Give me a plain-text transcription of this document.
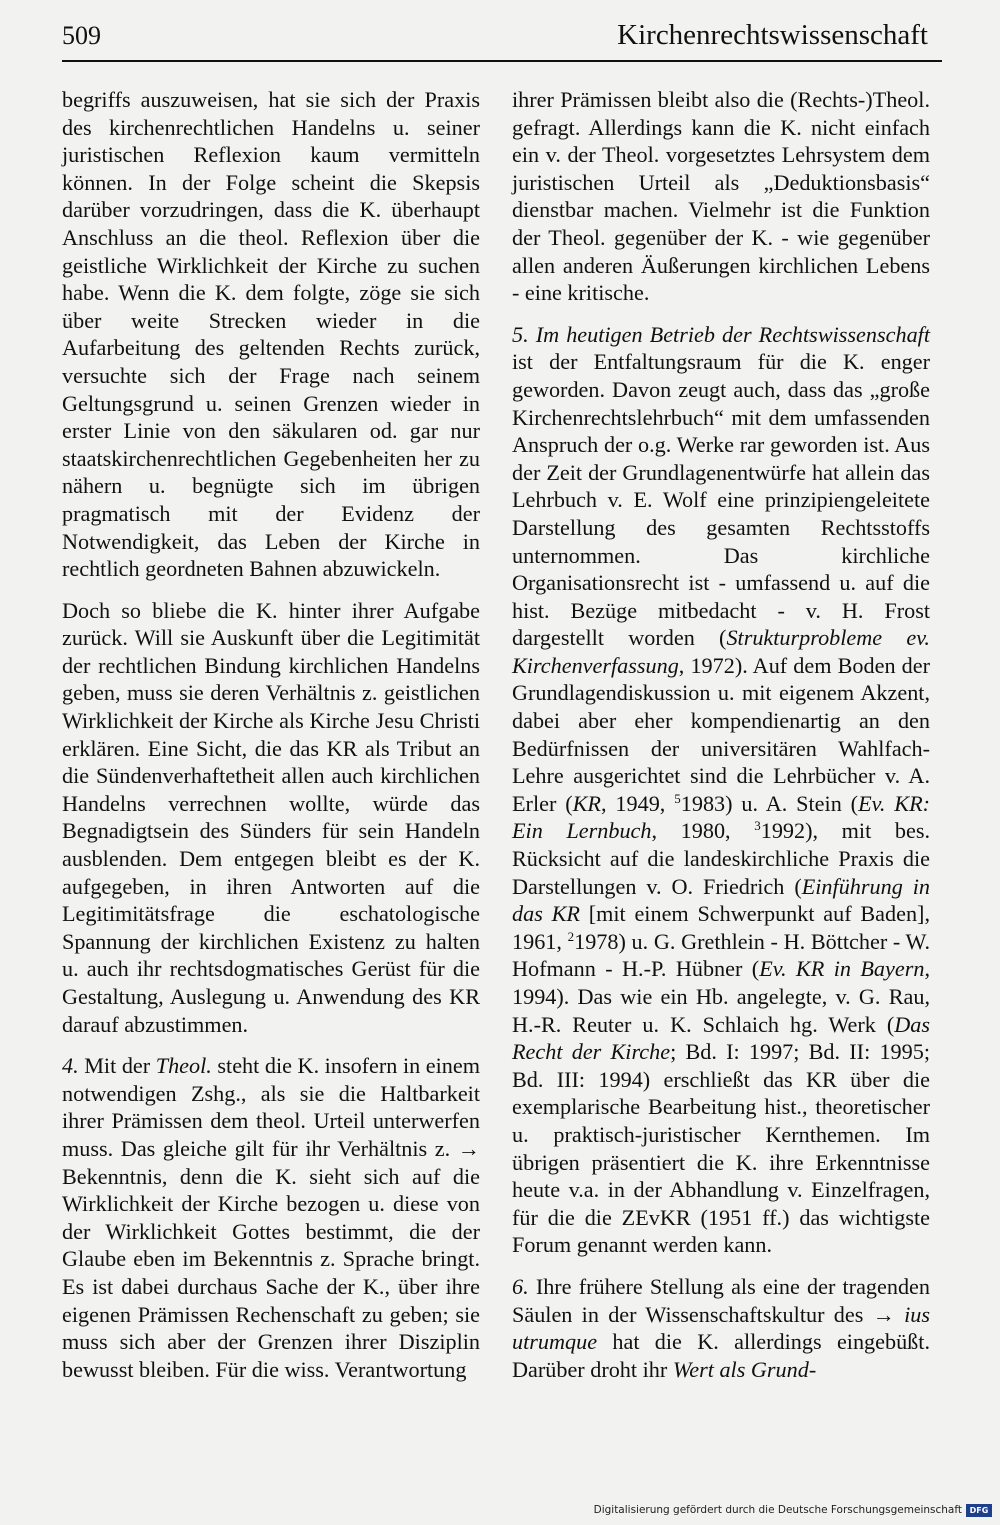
509	Kirchenrechtswissenschaft

begriffs auszuweisen, hat sie sich der Praxis des kirchenrechtlichen Handelns u. seiner juristischen Reflexion kaum vermitteln können. In der Folge scheint die Skepsis darüber vorzudringen, dass die K. überhaupt Anschluss an die theol. Reflexion über die geistliche Wirklichkeit der Kirche zu suchen habe. Wenn die K. dem folgte, zöge sie sich über weite Strecken wieder in die Aufarbeitung des geltenden Rechts zurück, versuchte sich der Frage nach seinem Geltungsgrund u. seinen Grenzen wieder in erster Linie von den säkularen od. gar nur staatskirchenrechtlichen Gegebenheiten her zu nähern u. begnügte sich im übrigen pragmatisch mit der Evidenz der Notwendigkeit, das Leben der Kirche in rechtlich geordneten Bahnen abzuwickeln.

Doch so bliebe die K. hinter ihrer Aufgabe zurück. Will sie Auskunft über die Legitimität der rechtlichen Bindung kirchlichen Handelns geben, muss sie deren Verhältnis z. geistlichen Wirklichkeit der Kirche als Kirche Jesu Christi erklären. Eine Sicht, die das KR als Tribut an die Sündenverhaftetheit allen auch kirchlichen Handelns verrechnen wollte, würde das Begnadigtsein des Sünders für sein Handeln ausblenden. Dem entgegen bleibt es der K. aufgegeben, in ihren Antworten auf die Legitimitätsfrage die eschatologische Spannung der kirchlichen Existenz zu halten u. auch ihr rechtsdogmatisches Gerüst für die Gestaltung, Auslegung u. Anwendung des KR darauf abzustimmen.

4. Mit der Theol. steht die K. insofern in einem notwendigen Zshg., als sie die Haltbarkeit ihrer Prämissen dem theol. Urteil unterwerfen muss. Das gleiche gilt für ihr Verhältnis z. → Bekenntnis, denn die K. sieht sich auf die Wirklichkeit der Kirche bezogen u. diese von der Wirklichkeit Gottes bestimmt, die der Glaube eben im Bekenntnis z. Sprache bringt. Es ist dabei durchaus Sache der K., über ihre eigenen Prämissen Rechenschaft zu geben; sie muss sich aber der Grenzen ihrer Disziplin bewusst bleiben. Für die wiss. Verantwortung

ihrer Prämissen bleibt also die (Rechts-)Theol. gefragt. Allerdings kann die K. nicht einfach ein v. der Theol. vorgesetztes Lehrsystem dem juristischen Urteil als „Deduktionsbasis“ dienstbar machen. Vielmehr ist die Funktion der Theol. gegenüber der K. - wie gegenüber allen anderen Äußerungen kirchlichen Lebens - eine kritische.

5. Im heutigen Betrieb der Rechtswissenschaft ist der Entfaltungsraum für die K. enger geworden. Davon zeugt auch, dass das „große Kirchenrechtslehrbuch“ mit dem umfassenden Anspruch der o.g. Werke rar geworden ist. Aus der Zeit der Grundlagenentwürfe hat allein das Lehrbuch v. E. Wolf eine prinzipiengeleitete Darstellung des gesamten Rechtsstoffs unternommen. Das kirchliche Organisationsrecht ist - umfassend u. auf die hist. Bezüge mitbedacht - v. H. Frost dargestellt worden (Strukturprobleme ev. Kirchenverfassung, 1972). Auf dem Boden der Grundlagendiskussion u. mit eigenem Akzent, dabei aber eher kompendienartig an den Bedürfnissen der universitären Wahlfach-Lehre ausgerichtet sind die Lehrbücher v. A. Erler (KR, 1949, $^5$1983) u. A. Stein (Ev. KR: Ein Lernbuch, 1980, $^3$1992), mit bes. Rücksicht auf die landeskirchliche Praxis die Darstellungen v. O. Friedrich (Einführung in das KR [mit einem Schwerpunkt auf Baden], 1961, $^2$1978) u. G. Grethlein - H. Böttcher - W. Hofmann - H.-P. Hübner (Ev. KR in Bayern, 1994). Das wie ein Hb. angelegte, v. G. Rau, H.-R. Reuter u. K. Schlaich hg. Werk (Das Recht der Kirche; Bd. I: 1997; Bd. II: 1995; Bd. III: 1994) erschließt das KR über die exemplarische Bearbeitung hist., theoretischer u. praktisch-juristischer Kernthemen. Im übrigen präsentiert die K. ihre Erkenntnisse heute v.a. in der Abhandlung v. Einzelfragen, für die die ZEvKR (1951 ff.) das wichtigste Forum genannt werden kann.

6. Ihre frühere Stellung als eine der tragenden Säulen in der Wissenschaftskultur des → ius utrumque hat die K. allerdings eingebüßt. Darüber droht ihr Wert als Grund-

Digitalisierung gefördert durch die Deutsche Forschungsgemeinschaft DFG
